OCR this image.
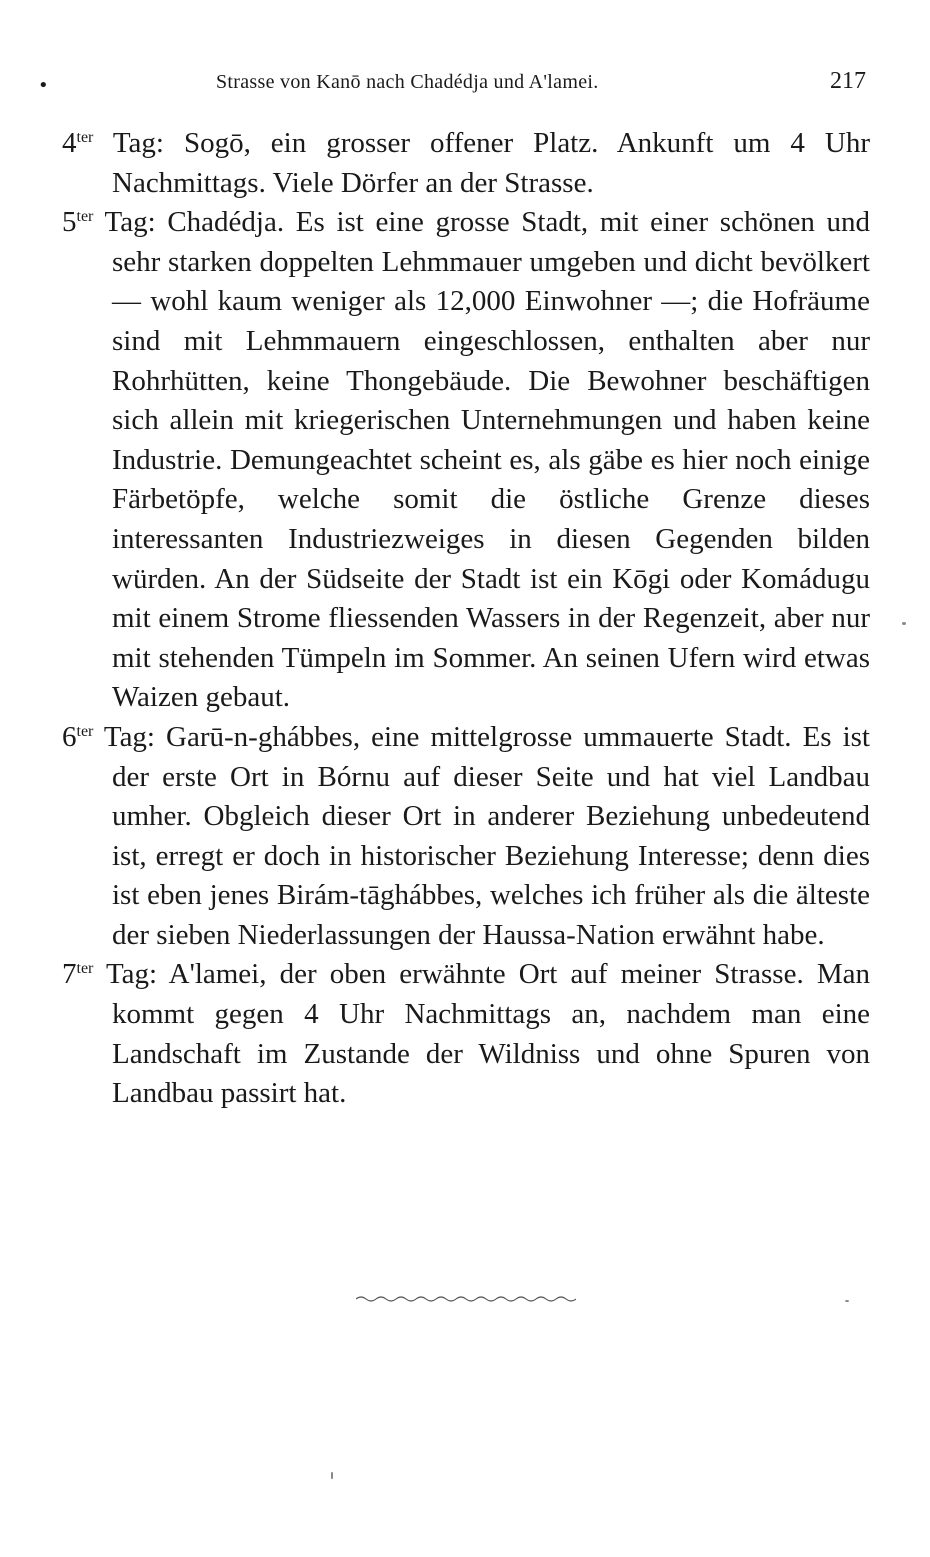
•	Strasse von Kanō nach Chadédja und A'lamei.	217

$4^{ter}$ Tag: Sogō, ein grosser offener Platz. Ankunft um 4 Uhr Nachmittags. Viele Dörfer an der Strasse.

$5^{ter}$ Tag: Chadédja. Es ist eine grosse Stadt, mit einer schönen und sehr starken doppelten Lehmmauer umgeben und dicht bevölkert — wohl kaum weniger als 12,000 Einwohner —; die Hofräume sind mit Lehmmauern eingeschlossen, enthalten aber nur Rohrhütten, keine Thongebäude. Die Bewohner beschäftigen sich allein mit kriegerischen Unternehmungen und haben keine Industrie. Demungeachtet scheint es, als gäbe es hier noch einige Färbetöpfe, welche somit die östliche Grenze dieses interessanten Industriezweiges in diesen Gegenden bilden würden. An der Südseite der Stadt ist ein Kōgi oder Komádugu mit einem Strome fliessenden Wassers in der Regenzeit, aber nur mit stehenden Tümpeln im Sommer. An seinen Ufern wird etwas Waizen gebaut.

$6^{ter}$ Tag: Garū-n-ghábbes, eine mittelgrosse ummauerte Stadt. Es ist der erste Ort in Bórnu auf dieser Seite und hat viel Landbau umher. Obgleich dieser Ort in anderer Beziehung unbedeutend ist, erregt er doch in historischer Beziehung Interesse; denn dies ist eben jenes Birám-tāghábbes, welches ich früher als die älteste der sieben Niederlassungen der Haussa-Nation erwähnt habe.

$7^{ter}$ Tag: A'lamei, der oben erwähnte Ort auf meiner Strasse. Man kommt gegen 4 Uhr Nachmittags an, nachdem man eine Landschaft im Zustande der Wildniss und ohne Spuren von Landbau passirt hat.
